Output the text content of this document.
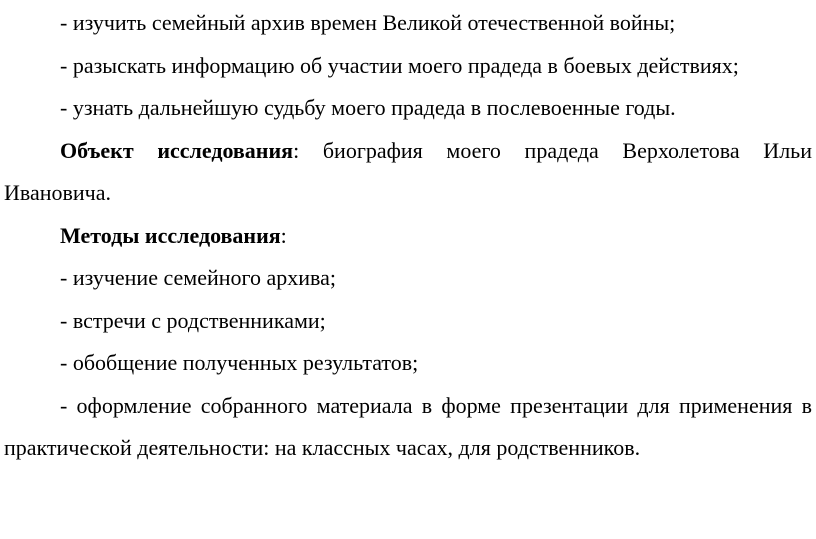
- изучить семейный архив времен Великой отечественной войны;

- разыскать информацию об участии моего прадеда в боевых действиях;

- узнать дальнейшую судьбу моего прадеда в послевоенные годы.

Объект исследования: биография моего прадеда Верхолетова Ильи Ивановича.

Методы исследования:

- изучение семейного архива;

- встречи с родственниками;

- обобщение полученных результатов;

- оформление собранного материала в форме презентации для применения в практической деятельности: на классных часах, для родственников.
